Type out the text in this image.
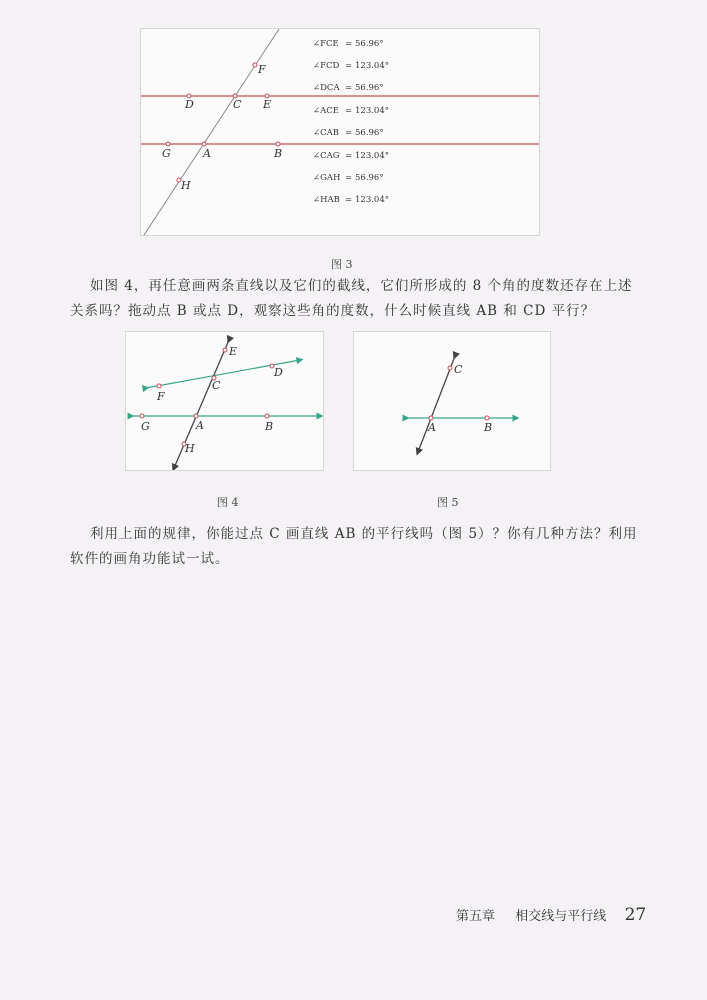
F
D	C E
G	A	B
H
∠FCE = 56.96°
∠FCD = 123.04°
∠DCA = 56.96°
∠ACE = 123.04°
∠CAB = 56.96°
∠CAG = 123.04°
∠GAH = 56.96°
∠HAB = 123.04°
图 3
如图 4，再任意画两条直线以及它们的截线，它们所形成的 8 个角的度数还存在上述
关系吗？拖动点 B 或点 D，观察这些角的度数，什么时候直线 AB 和 CD 平行？
E
C
D
F
G	A	B
H
图 4
C
A	B
图 5
利用上面的规律，你能过点 C 画直线 AB 的平行线吗（图 5）？你有几种方法？利用
软件的画角功能试一试。
第五章 相交线与平行线 27
